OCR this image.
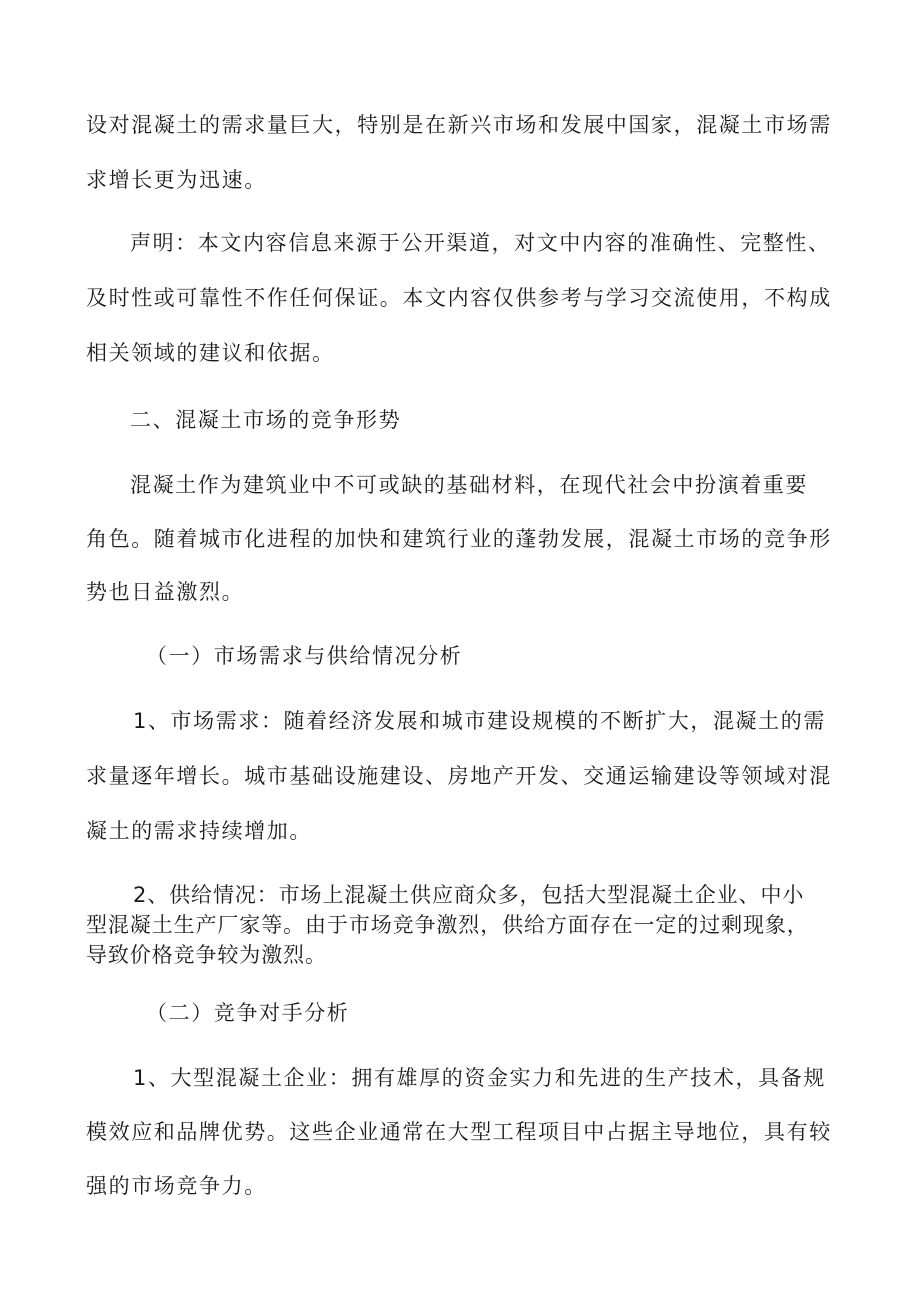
设对混凝土的需求量巨大，特别是在新兴市场和发展中国家，混凝土市场需
求增长更为迅速。
声明：本文内容信息来源于公开渠道，对文中内容的准确性、完整性、
及时性或可靠性不作任何保证。本文内容仅供参考与学习交流使用，不构成
相关领域的建议和依据。
二、混凝土市场的竞争形势
混凝土作为建筑业中不可或缺的基础材料，在现代社会中扮演着重要
角色。随着城市化进程的加快和建筑行业的蓬勃发展，混凝土市场的竞争形
势也日益激烈。
（一）市场需求与供给情况分析
1、市场需求：随着经济发展和城市建设规模的不断扩大，混凝土的需
求量逐年增长。城市基础设施建设、房地产开发、交通运输建设等领域对混
凝土的需求持续增加。
2、供给情况：市场上混凝土供应商众多，包括大型混凝土企业、中小
型混凝土生产厂家等。由于市场竞争激烈，供给方面存在一定的过剩现象，
导致价格竞争较为激烈。
（二）竞争对手分析
1、大型混凝土企业：拥有雄厚的资金实力和先进的生产技术，具备规
模效应和品牌优势。这些企业通常在大型工程项目中占据主导地位，具有较
强的市场竞争力。
